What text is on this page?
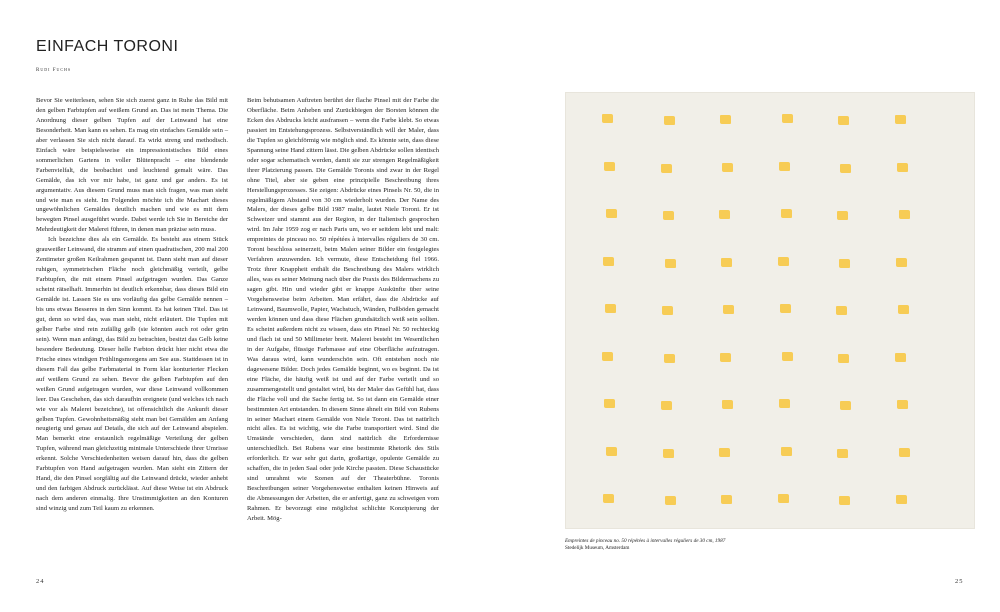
EINFACH TORONI
Rudi Fuchs

Bevor Sie weiterlesen, sehen Sie sich zuerst ganz in Ruhe das Bild mit den gelben Farbtupfen auf weißem Grund an. Das ist mein Thema. Die Anordnung dieser gelben Tupfen auf der Leinwand hat eine Besonderheit. Man kann es sehen. Es mag ein einfaches Gemälde sein – aber verlassen Sie sich nicht darauf. Es wirkt streng und methodisch. Einfach wäre beispielsweise ein impressionistisches Bild eines sommerlichen Gartens in voller Blütenpracht – eine blendende Farbenvielfalt, die beobachtet und leuchtend gemalt wäre. Das Gemälde, das ich vor mir habe, ist ganz und gar anders. Es ist argumentativ. Aus diesem Grund muss man sich fragen, was man sieht und wie man es sieht. Im Folgenden möchte ich die Machart dieses ungewöhnlichen Gemäldes deutlich machen und wie es mit dem bewegten Pinsel ausgeführt wurde. Dabei werde ich Sie in Bereiche der Mehrdeutigkeit der Malerei führen, in denen man präzise sein muss.

Ich bezeichne dies als ein Gemälde. Es besteht aus einem Stück grauweißer Leinwand, die stramm auf einen quadratischen, 200 mal 200 Zentimeter großen Keilrahmen gespannt ist. Dann sieht man auf dieser ruhigen, symmetrischen Fläche noch gleichmäßig verteilt, gelbe Farbtupfen, die mit einem Pinsel aufgetragen wurden. Das Ganze scheint rätselhaft. Immerhin ist deutlich erkennbar, dass dieses Bild ein Gemälde ist. Lassen Sie es uns vorläufig das gelbe Gemälde nennen – bis uns etwas Besseres in den Sinn kommt. Es hat keinen Titel. Das ist gut, denn so wird das, was man sieht, nicht erläutert. Die Tupfen mit gelber Farbe sind rein zufällig gelb (sie könnten auch rot oder grün sein). Wenn man anfängt, das Bild zu betrachten, besitzt das Gelb keine besondere Bedeutung. Dieser helle Farbton drückt hier nicht etwa die Frische eines windigen Frühlingsmorgens am See aus. Stattdessen ist in diesem Fall das gelbe Farbmaterial in Form klar konturierter Flecken auf weißem Grund zu sehen. Bevor die gelben Farbtupfen auf den weißen Grund aufgetragen wurden, war diese Leinwand vollkommen leer. Das Geschehen, das sich daraufhin ereignete (und welches ich nach wie vor als Malerei bezeichne), ist offensichtlich die Ankunft dieser gelben Tupfen. Gewohnheitsmäßig sieht man bei Gemälden am Anfang neugierig und genau auf Details, die sich auf der Leinwand abspielen. Man bemerkt eine erstaunlich regelmäßige Verteilung der gelben Tupfen, während man gleichzeitig minimale Unterschiede ihrer Umrisse erkennt. Solche Verschiedenheiten weisen darauf hin, dass die gelben Farbtupfen von Hand aufgetragen wurden. Man sieht ein Zittern der Hand, die den Pinsel sorgfältig auf die Leinwand drückt, wieder anhebt und den farbigen Abdruck zurücklässt. Auf diese Weise ist ein Abdruck nach dem anderen einmalig. Ihre Unstimmigkeiten an den Konturen sind winzig und zum Teil kaum zu erkennen.

Beim behutsamen Auftreten berührt der flache Pinsel mit der Farbe die Oberfläche. Beim Anheben und Zurückbiegen der Borsten können die Ecken des Abdrucks leicht ausfransen – wenn die Farbe klebt. So etwas passiert im Entstehungsprozess. Selbstverständlich will der Maler, dass die Tupfen so gleichförmig wie möglich sind. Es könnte sein, dass diese Spannung seine Hand zittern lässt. Die gelben Abdrücke sollen identisch oder sogar schematisch werden, damit sie zur strengen Regelmäßigkeit ihrer Platzierung passen. Die Gemälde Toronis sind zwar in der Regel ohne Titel, aber sie geben eine prinzipielle Beschreibung ihres Herstellungsprozesses. Sie zeigen: Abdrücke eines Pinsels Nr. 50, die in regelmäßigem Abstand von 30 cm wiederholt wurden. Der Name des Malers, der dieses gelbe Bild 1987 malte, lautet Niele Toroni. Er ist Schweizer und stammt aus der Region, in der Italienisch gesprochen wird. Im Jahr 1959 zog er nach Paris um, wo er seitdem lebt und malt: empreintes de pinceau no. 50 répétées à intervalles réguliers de 30 cm. Toroni beschloss seinerzeit, beim Malen seiner Bilder ein festgelegtes Verfahren anzuwenden. Ich vermute, diese Entscheidung fiel 1966. Trotz ihrer Knappheit enthält die Beschreibung des Malers wirklich alles, was es seiner Meinung nach über die Praxis des Bildermachens zu sagen gibt. Hin und wieder gibt er knappe Auskünfte über seine Vorgehensweise beim Arbeiten. Man erfährt, dass die Abdrücke auf Leinwand, Baumwolle, Papier, Wachstuch, Wänden, Fußböden gemacht werden können und dass diese Flächen grundsätzlich weiß sein sollten. Es scheint außerdem nicht zu wissen, dass ein Pinsel Nr. 50 rechteckig und flach ist und 50 Millimeter breit. Malerei besteht im Wesentlichen in der Aufgabe, flüssige Farbmasse auf eine Oberfläche aufzutragen. Was daraus wird, kann wunderschön sein. Oft entstehen noch nie dagewesene Bilder. Doch jedes Gemälde beginnt, wo es beginnt. Da ist eine Fläche, die häufig weiß ist und auf der Farbe verteilt und so zusammengestellt und gestaltet wird, bis der Maler das Gefühl hat, dass die Fläche voll und die Sache fertig ist. So ist dann ein Gemälde einer bestimmten Art entstanden. In diesem Sinne ähnelt ein Bild von Rubens in seiner Machart einem Gemälde von Niele Toroni. Das ist natürlich nicht alles. Es ist wichtig, wie die Farbe transportiert wird. Sind die Umstände verschieden, dann sind natürlich die Erfordernisse unterschiedlich. Bei Rubens war eine bestimmte Rhetorik des Stils erforderlich. Er war sehr gut darin, großartige, opulente Gemälde zu schaffen, die in jeden Saal oder jede Kirche passten. Diese Schaustücke sind umrahmt wie Szenen auf der Theaterbühne. Toronis Beschreibungen seiner Vorgehensweise enthalten keinen Hinweis auf die Abmessungen der Arbeiten, die er anfertigt, ganz zu schweigen vom Rahmen. Er bevorzugt eine möglichst schlichte Konzipierung der Arbeit. Mög-

Empreintes de pinceau no. 50 répétées à intervalles réguliers de 30 cm, 1987
Stedelijk Museum, Amsterdam
24	25
